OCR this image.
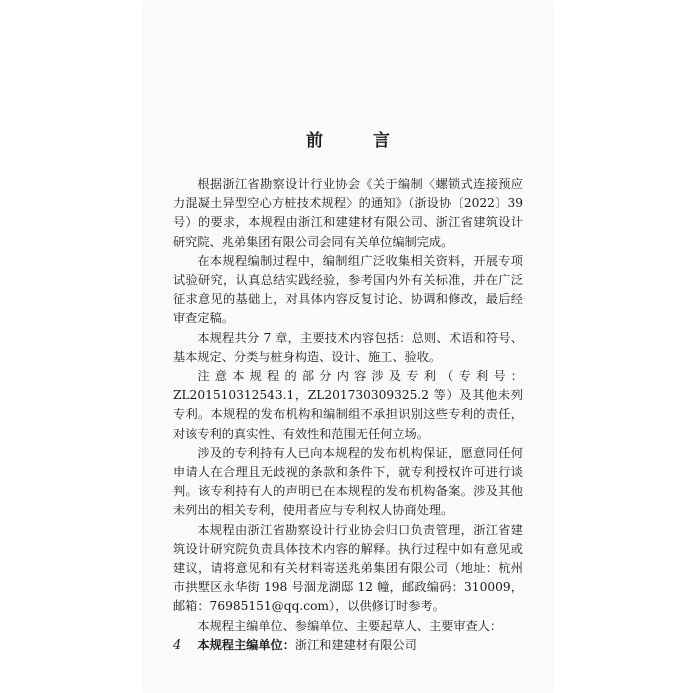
前 言

根据浙江省勘察设计行业协会《关于编制〈螺锁式连接预应力混凝土异型空心方桩技术规程〉的通知》（浙设协〔2022〕39号）的要求，本规程由浙江和建建材有限公司、浙江省建筑设计研究院、兆弟集团有限公司会同有关单位编制完成。

在本规程编制过程中，编制组广泛收集相关资料，开展专项试验研究，认真总结实践经验，参考国内外有关标准，并在广泛征求意见的基础上，对具体内容反复讨论、协调和修改，最后经审查定稿。

本规程共分 7 章，主要技术内容包括：总则、术语和符号、基本规定、分类与桩身构造、设计、施工、验收。

注意本规程的部分内容涉及专利（专利号：ZL201510312543.1，ZL201730309325.2 等）及其他未列专利。本规程的发布机构和编制组不承担识别这些专利的责任，对该专利的真实性、有效性和范围无任何立场。

涉及的专利持有人已向本规程的发布机构保证，愿意同任何申请人在合理且无歧视的条款和条件下，就专利授权许可进行谈判。该专利持有人的声明已在本规程的发布机构备案。涉及其他未列出的相关专利，使用者应与专利权人协商处理。

本规程由浙江省勘察设计行业协会归口负责管理，浙江省建筑设计研究院负责具体技术内容的解释。执行过程中如有意见或建议，请将意见和有关材料寄送兆弟集团有限公司（地址：杭州市拱墅区永华街 198 号涸龙湖邸 12 幢，邮政编码：310009，邮箱：76985151@qq.com），以供修订时参考。

本规程主编单位、参编单位、主要起草人、主要审查人：

本规程主编单位：浙江和建建材有限公司

4
